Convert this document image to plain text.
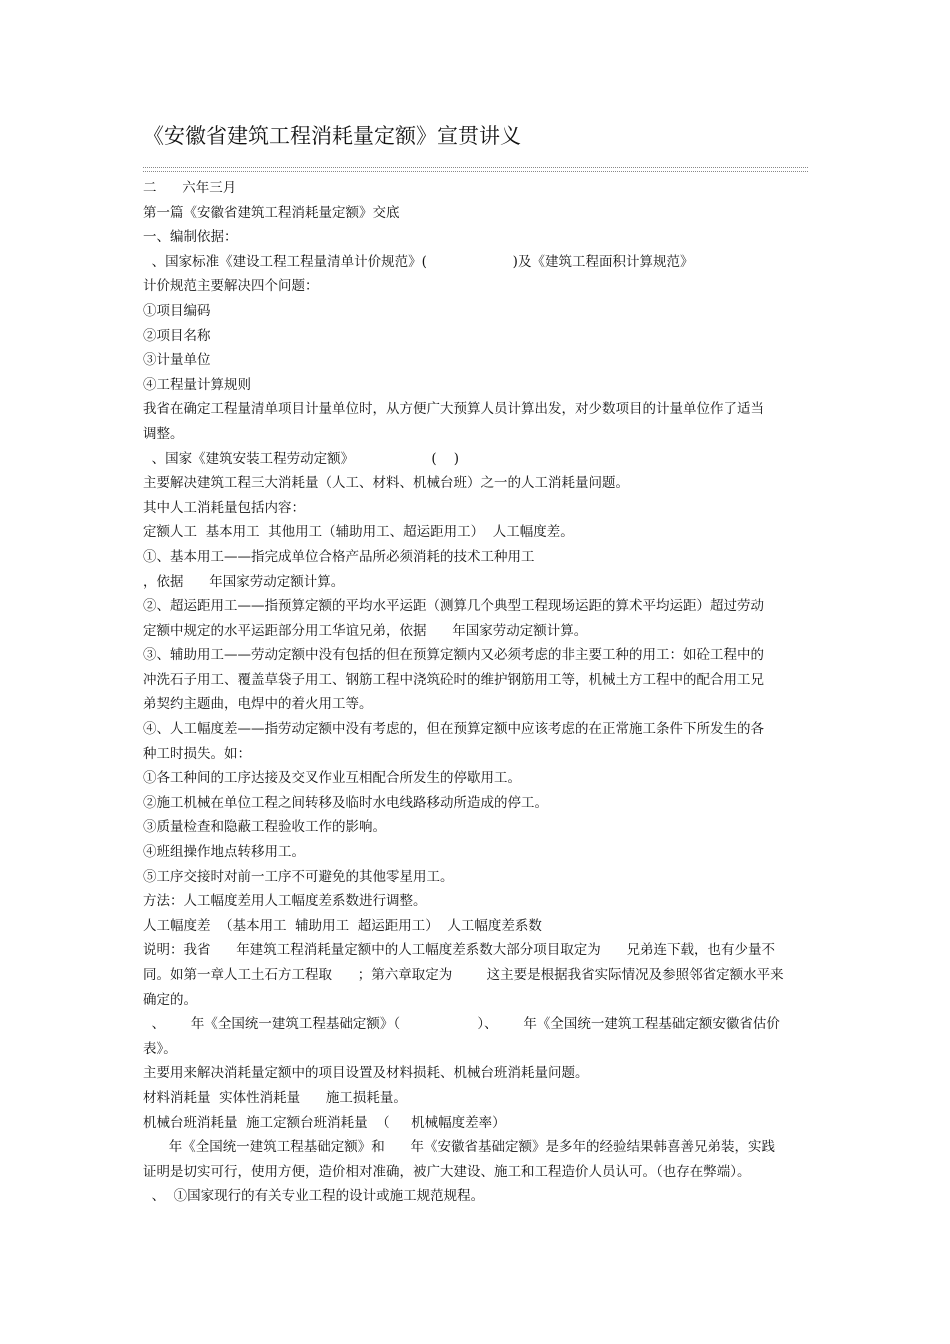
《安徽省建筑工程消耗量定额》宣贯讲义
二      六年三月
第一篇《安徽省建筑工程消耗量定额》交底
一、编制依据：
、国家标准《建设工程工程量清单计价规范》(                    )及《建筑工程面积计算规范》
计价规范主要解决四个问题：
①项目编码
②项目名称
③计量单位
④工程量计算规则
我省在确定工程量清单项目计量单位时，从方便广大预算人员计算出发，对少数项目的计量单位作了适当
调整。
、国家《建筑安装工程劳动定额》                  (    )
主要解决建筑工程三大消耗量（人工、材料、机械台班）之一的人工消耗量问题。
其中人工消耗量包括内容：
定额人工  基本用工  其他用工（辅助用工、超运距用工）  人工幅度差。
①、基本用工——指完成单位合格产品所必须消耗的技术工种用工
，依据      年国家劳动定额计算。
②、超运距用工——指预算定额的平均水平运距（测算几个典型工程现场运距的算术平均运距）超过劳动
定额中规定的水平运距部分用工华谊兄弟，依据      年国家劳动定额计算。
③、辅助用工——劳动定额中没有包括的但在预算定额内又必须考虑的非主要工种的用工：如砼工程中的
冲洗石子用工、覆盖草袋子用工、钢筋工程中浇筑砼时的维护钢筋用工等，机械土方工程中的配合用工兄
弟契约主题曲，电焊中的着火用工等。
④、人工幅度差——指劳动定额中没有考虑的，但在预算定额中应该考虑的在正常施工条件下所发生的各
种工时损失。如：
①各工种间的工序达接及交叉作业互相配合所发生的停歇用工。
②施工机械在单位工程之间转移及临时水电线路移动所造成的停工。
③质量检查和隐蔽工程验收工作的影响。
④班组操作地点转移用工。
⑤工序交接时对前一工序不可避免的其他零星用工。
方法：人工幅度差用人工幅度差系数进行调整。
人工幅度差  （基本用工  辅助用工  超运距用工）  人工幅度差系数
说明：我省      年建筑工程消耗量定额中的人工幅度差系数大部分项目取定为      兄弟连下载，也有少量不
同。如第一章人工土石方工程取      ；第六章取定为        这主要是根据我省实际情况及参照邻省定额水平来
确定的。
、      年《全国统一建筑工程基础定额》（                  ）、      年《全国统一建筑工程基础定额安徽省估价
表》。
主要用来解决消耗量定额中的项目设置及材料损耗、机械台班消耗量问题。
材料消耗量  实体性消耗量      施工损耗量。
机械台班消耗量  施工定额台班消耗量  （     机械幅度差率）
年《全国统一建筑工程基础定额》和      年《安徽省基础定额》是多年的经验结果韩喜善兄弟装，实践
证明是切实可行，使用方便，造价相对准确，被广大建设、施工和工程造价人员认可。（也存在弊端）。
、  ①国家现行的有关专业工程的设计或施工规范规程。
